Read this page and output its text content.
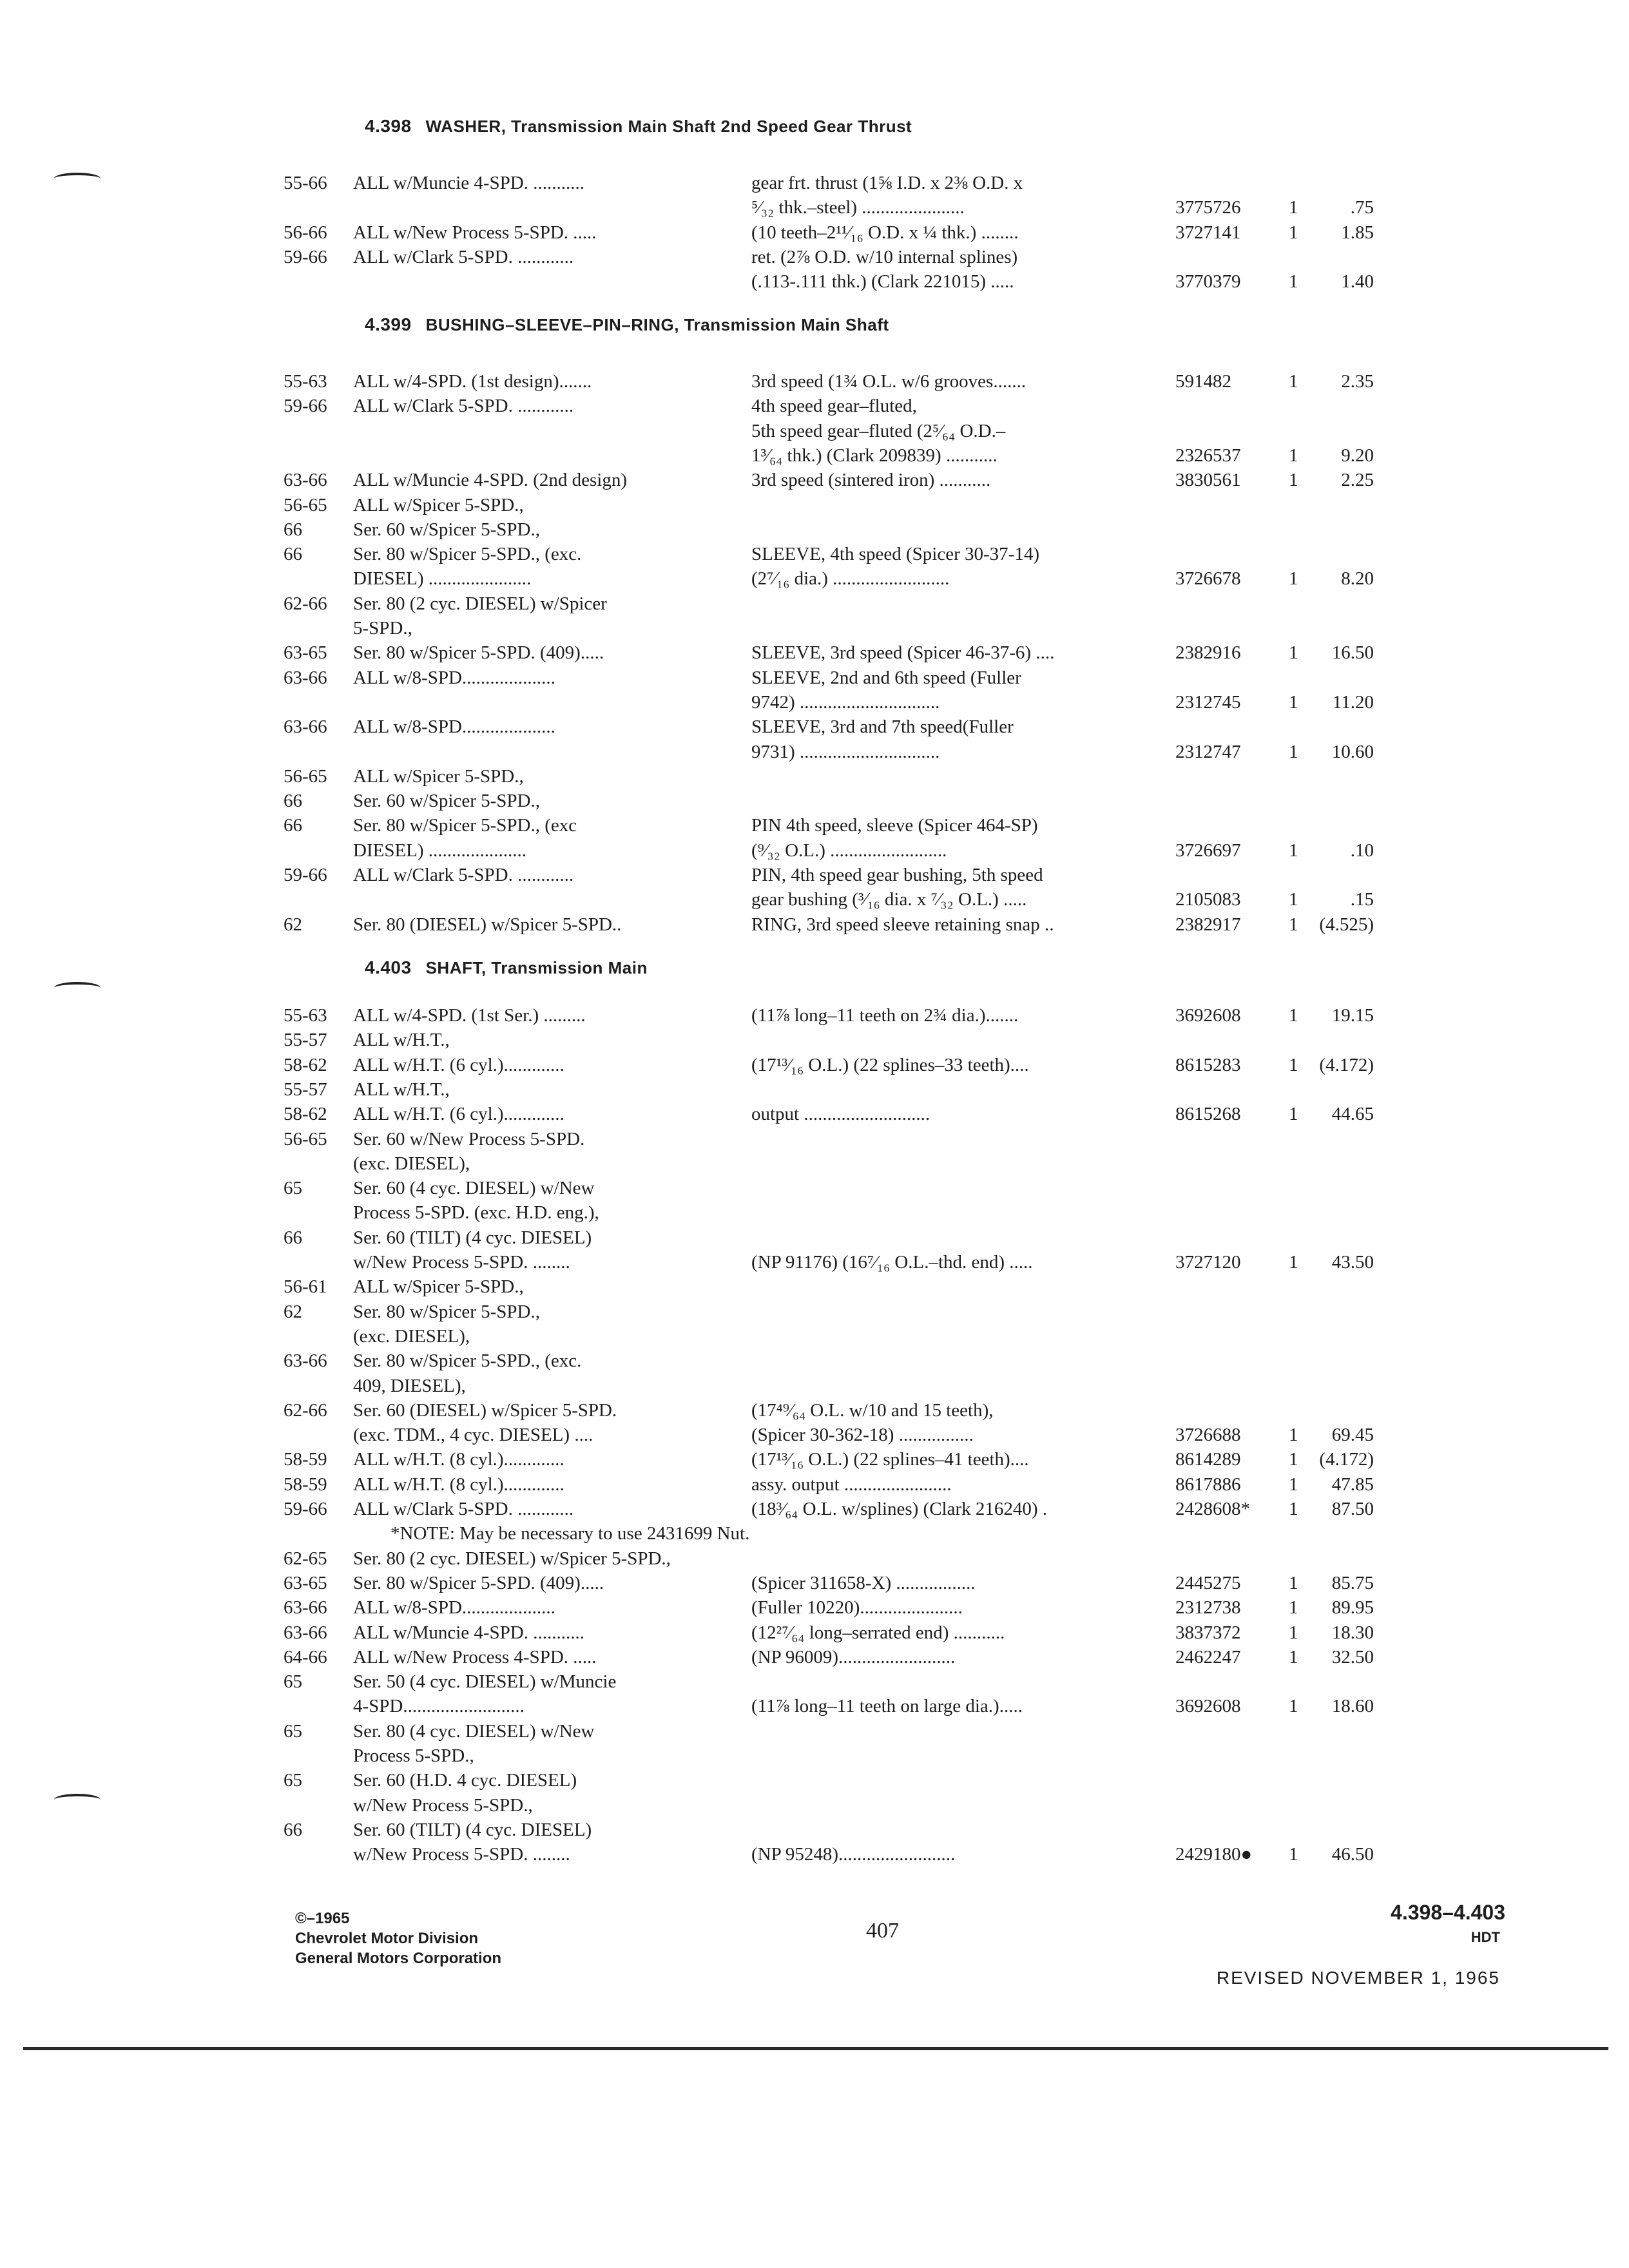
4.398 WASHER, Transmission Main Shaft 2nd Speed Gear Thrust
4.399 BUSHING–SLEEVE–PIN–RING, Transmission Main Shaft
4.403 SHAFT, Transmission Main
55-66 ALL w/Muncie 4-SPD. ...........	gear frt. thrust (1⅝ I.D. x 2⅜ O.D. x
⁵⁄₃₂ thk.–steel) ......................	3775726	1	.75
56-66 ALL w/New Process 5-SPD. .....	(10 teeth–2¹¹⁄₁₆ O.D. x ¼ thk.) ........	3727141	1 1.85
59-66 ALL w/Clark 5-SPD. ............	ret. (2⅞ O.D. w/10 internal splines)
(.113-.111 thk.) (Clark 221015) .....	3770379	1 1.40
55-63 ALL w/4-SPD. (1st design).......	3rd speed (1¾ O.L. w/6 grooves.......	591482	1 2.35
59-66 ALL w/Clark 5-SPD. ............	4th speed gear–fluted,
5th speed gear–fluted (2⁵⁄₆₄ O.D.–
1³⁄₆₄ thk.) (Clark 209839) ...........	2326537	1 9.20
63-66 ALL w/Muncie 4-SPD. (2nd design)	3rd speed (sintered iron) ...........	3830561	1 2.25
56-65 ALL w/Spicer 5-SPD.,
66	Ser. 60 w/Spicer 5-SPD.,
66	Ser. 80 w/Spicer 5-SPD., (exc.	SLEEVE, 4th speed (Spicer 30-37-14)
DIESEL) ......................	(2⁷⁄₁₆ dia.) .........................	3726678	1 8.20
62-66 Ser. 80 (2 cyc. DIESEL) w/Spicer
5-SPD.,
63-65 Ser. 80 w/Spicer 5-SPD. (409).....	SLEEVE, 3rd speed (Spicer 46-37-6) ....	2382916	1 16.50
63-66 ALL w/8-SPD....................	SLEEVE, 2nd and 6th speed (Fuller
9742) ..............................	2312745	1 11.20
63-66 ALL w/8-SPD....................	SLEEVE, 3rd and 7th speed(Fuller
9731) ..............................	2312747	1 10.60
56-65 ALL w/Spicer 5-SPD.,
66	Ser. 60 w/Spicer 5-SPD.,
66	Ser. 80 w/Spicer 5-SPD., (exc	PIN 4th speed, sleeve (Spicer 464-SP)
DIESEL) .....................	(⁹⁄₃₂ O.L.) .........................	3726697	1	.10
59-66 ALL w/Clark 5-SPD. ............	PIN, 4th speed gear bushing, 5th speed
gear bushing (³⁄₁₆ dia. x ⁷⁄₃₂ O.L.) .....	2105083	1	.15
62	Ser. 80 (DIESEL) w/Spicer 5-SPD..	RING, 3rd speed sleeve retaining snap ..	2382917	1 (4.525)
55-63 ALL w/4-SPD. (1st Ser.) .........	(11⅞ long–11 teeth on 2¾ dia.).......	3692608	1 19.15
55-57 ALL w/H.T.,
58-62 ALL w/H.T. (6 cyl.).............	(17¹³⁄₁₆ O.L.) (22 splines–33 teeth)....	8615283	1 (4.172)
55-57 ALL w/H.T.,
58-62 ALL w/H.T. (6 cyl.).............	output ...........................	8615268	1 44.65
56-65 Ser. 60 w/New Process 5-SPD.
(exc. DIESEL),
65	Ser. 60 (4 cyc. DIESEL) w/New
Process 5-SPD. (exc. H.D. eng.),
66	Ser. 60 (TILT) (4 cyc. DIESEL)
w/New Process 5-SPD. ........	(NP 91176) (16⁷⁄₁₆ O.L.–thd. end) .....	3727120	1 43.50
56-61 ALL w/Spicer 5-SPD.,
62	Ser. 80 w/Spicer 5-SPD.,
(exc. DIESEL),
63-66 Ser. 80 w/Spicer 5-SPD., (exc.
409, DIESEL),
62-66 Ser. 60 (DIESEL) w/Spicer 5-SPD.	(17⁴⁹⁄₆₄ O.L. w/10 and 15 teeth),
(exc. TDM., 4 cyc. DIESEL) ....	(Spicer 30-362-18) ................	3726688	1 69.45
58-59 ALL w/H.T. (8 cyl.).............	(17¹³⁄₁₆ O.L.) (22 splines–41 teeth)....	8614289	1 (4.172)
58-59 ALL w/H.T. (8 cyl.).............	assy. output .......................	8617886	1 47.85
59-66 ALL w/Clark 5-SPD. ............	(18³⁄₆₄ O.L. w/splines) (Clark 216240) .	2428608* 1 87.50
*NOTE: May be necessary to use 2431699 Nut.
62-65 Ser. 80 (2 cyc. DIESEL) w/Spicer 5-SPD.,
63-65 Ser. 80 w/Spicer 5-SPD. (409).....	(Spicer 311658-X) .................	2445275	1 85.75
63-66 ALL w/8-SPD....................	(Fuller 10220)......................	2312738	1 89.95
63-66 ALL w/Muncie 4-SPD. ...........	(12²⁷⁄₆₄ long–serrated end) ...........	3837372	1 18.30
64-66 ALL w/New Process 4-SPD. .....	(NP 96009).........................	2462247	1 32.50
65	Ser. 50 (4 cyc. DIESEL) w/Muncie
4-SPD..........................	(11⅞ long–11 teeth on large dia.).....	3692608	1 18.60
65	Ser. 80 (4 cyc. DIESEL) w/New
Process 5-SPD.,
65	Ser. 60 (H.D. 4 cyc. DIESEL)
w/New Process 5-SPD.,
66	Ser. 60 (TILT) (4 cyc. DIESEL)
w/New Process 5-SPD. ........	(NP 95248).........................	2429180● 1 46.50
©–1965
Chevrolet Motor Division
General Motors Corporation
407
4.398–4.403
HDT
REVISED NOVEMBER 1, 1965
